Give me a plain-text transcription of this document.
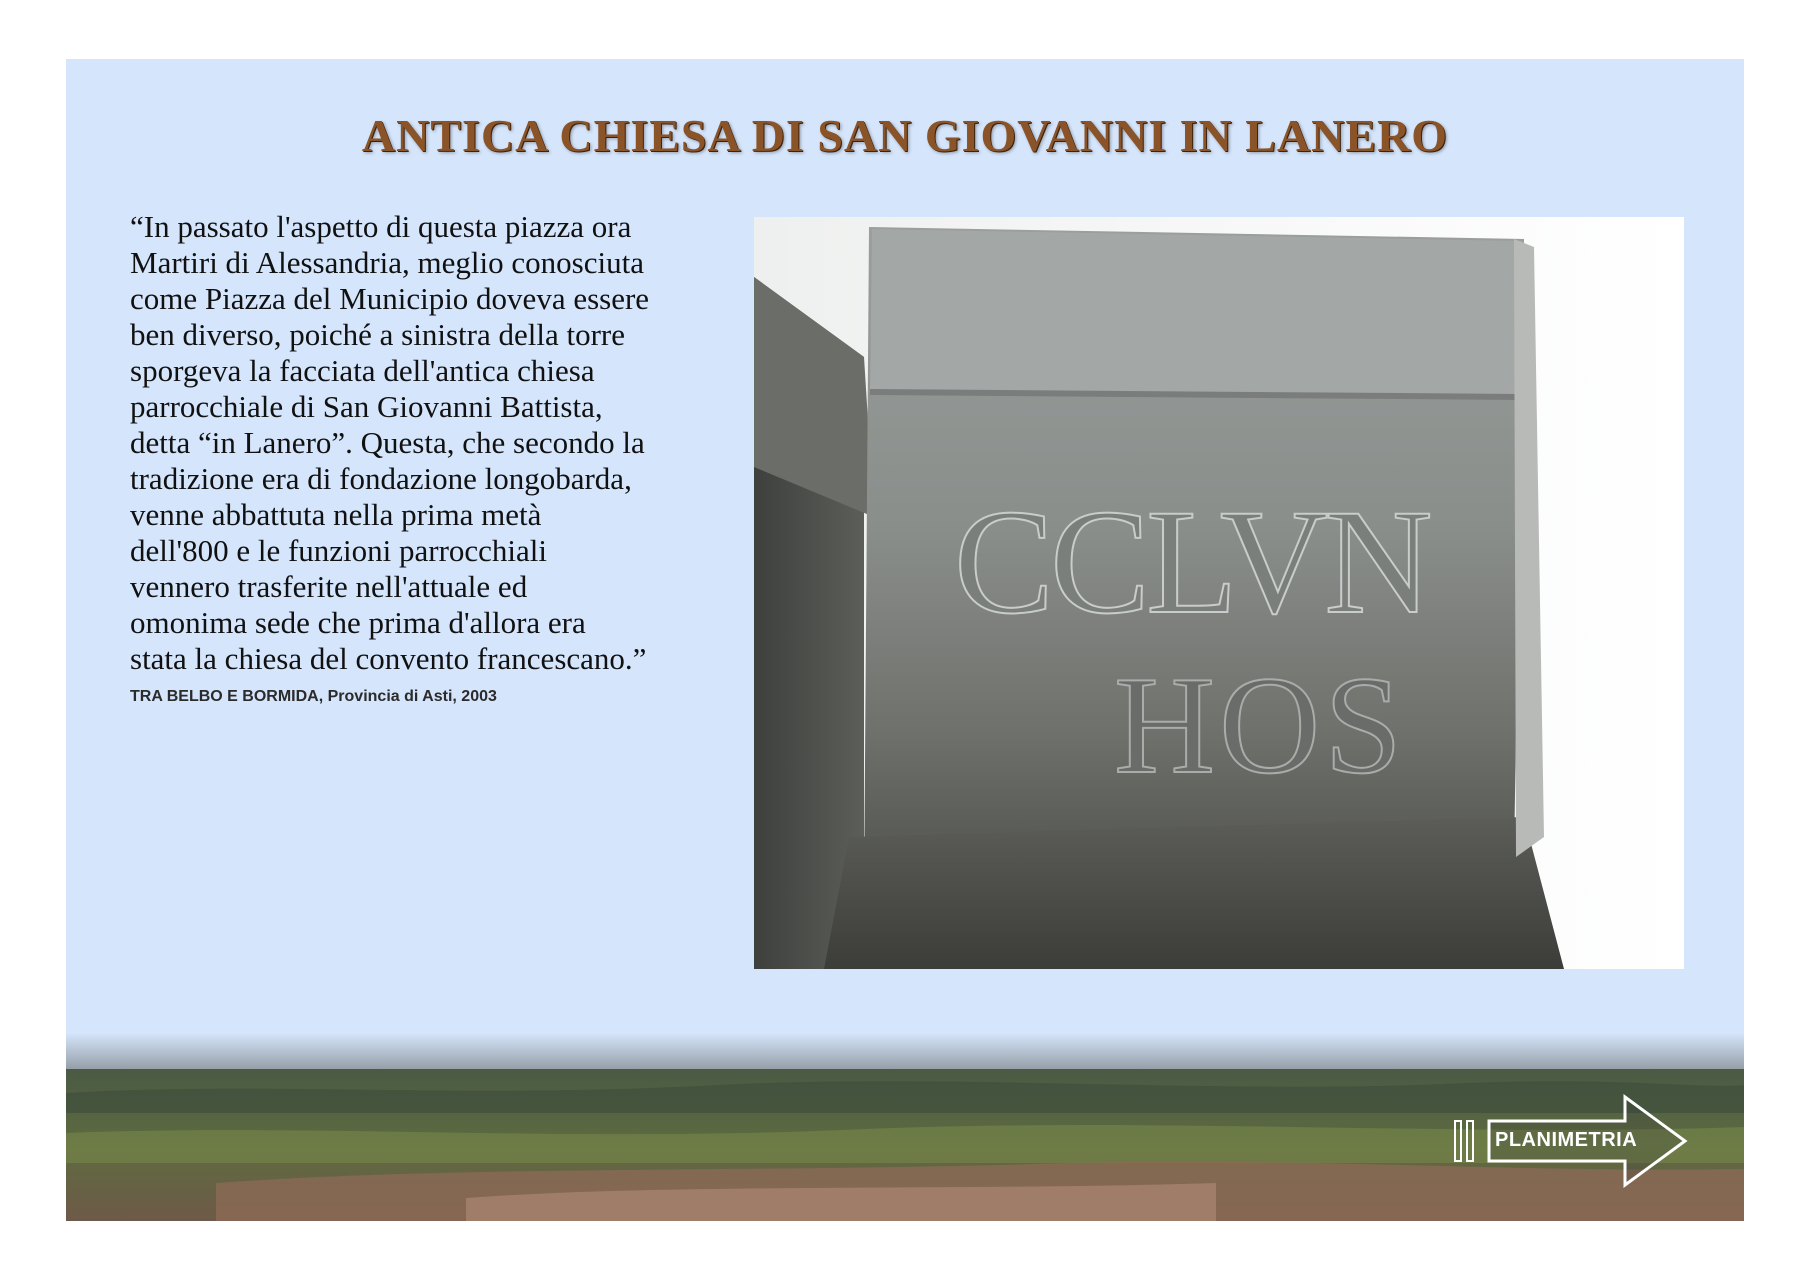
ANTICA CHIESA DI SAN GIOVANNI IN LANERO

“In passato l'aspetto di questa piazza ora
Martiri di Alessandria, meglio conosciuta
come Piazza del Municipio doveva essere
ben diverso, poiché a sinistra della torre
sporgeva la facciata dell'antica chiesa
parrocchiale di San Giovanni Battista,
detta “in Lanero”. Questa, che secondo la
tradizione era di fondazione longobarda,
venne abbattuta nella prima metà
dell'800 e le funzioni parrocchiali
vennero trasferite nell'attuale ed
omonima sede che prima d'allora era
stata la chiesa del convento francescano.”

TRA BELBO E BORMIDA, Provincia di Asti, 2003

CCLVN
HOS
PLANIMETRIA
